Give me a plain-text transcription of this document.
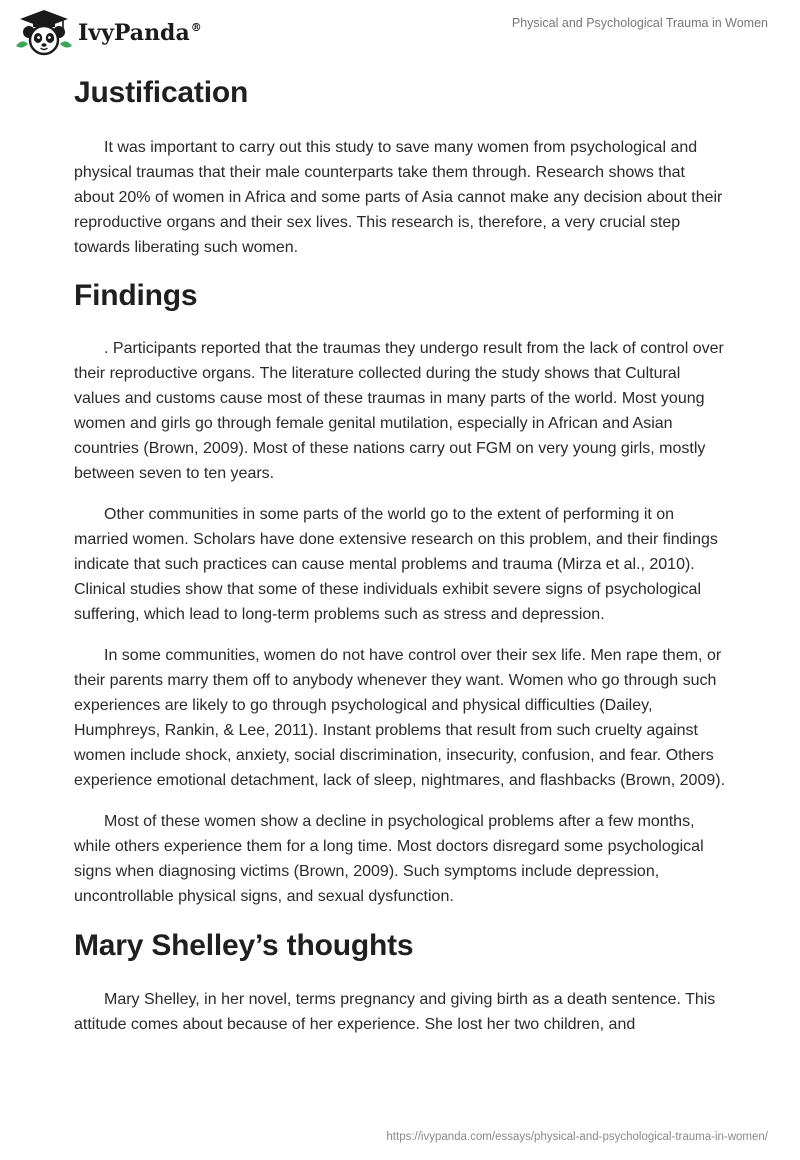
IvyPanda®	Physical and Psychological Trauma in Women
Justification

It was important to carry out this study to save many women from psychological and physical traumas that their male counterparts take them through. Research shows that about 20% of women in Africa and some parts of Asia cannot make any decision about their reproductive organs and their sex lives. This research is, therefore, a very crucial step towards liberating such women.

Findings

. Participants reported that the traumas they undergo result from the lack of control over their reproductive organs. The literature collected during the study shows that Cultural values and customs cause most of these traumas in many parts of the world. Most young women and girls go through female genital mutilation, especially in African and Asian countries (Brown, 2009). Most of these nations carry out FGM on very young girls, mostly between seven to ten years.

Other communities in some parts of the world go to the extent of performing it on married women. Scholars have done extensive research on this problem, and their findings indicate that such practices can cause mental problems and trauma (Mirza et al., 2010). Clinical studies show that some of these individuals exhibit severe signs of psychological suffering, which lead to long-term problems such as stress and depression.

In some communities, women do not have control over their sex life. Men rape them, or their parents marry them off to anybody whenever they want. Women who go through such experiences are likely to go through psychological and physical difficulties (Dailey, Humphreys, Rankin, & Lee, 2011). Instant problems that result from such cruelty against women include shock, anxiety, social discrimination, insecurity, confusion, and fear. Others experience emotional detachment, lack of sleep, nightmares, and flashbacks (Brown, 2009).

Most of these women show a decline in psychological problems after a few months, while others experience them for a long time. Most doctors disregard some psychological signs when diagnosing victims (Brown, 2009). Such symptoms include depression, uncontrollable physical signs, and sexual dysfunction.

Mary Shelley’s thoughts

Mary Shelley, in her novel, terms pregnancy and giving birth as a death sentence. This attitude comes about because of her experience. She lost her two children, and

https://ivypanda.com/essays/physical-and-psychological-trauma-in-women/
